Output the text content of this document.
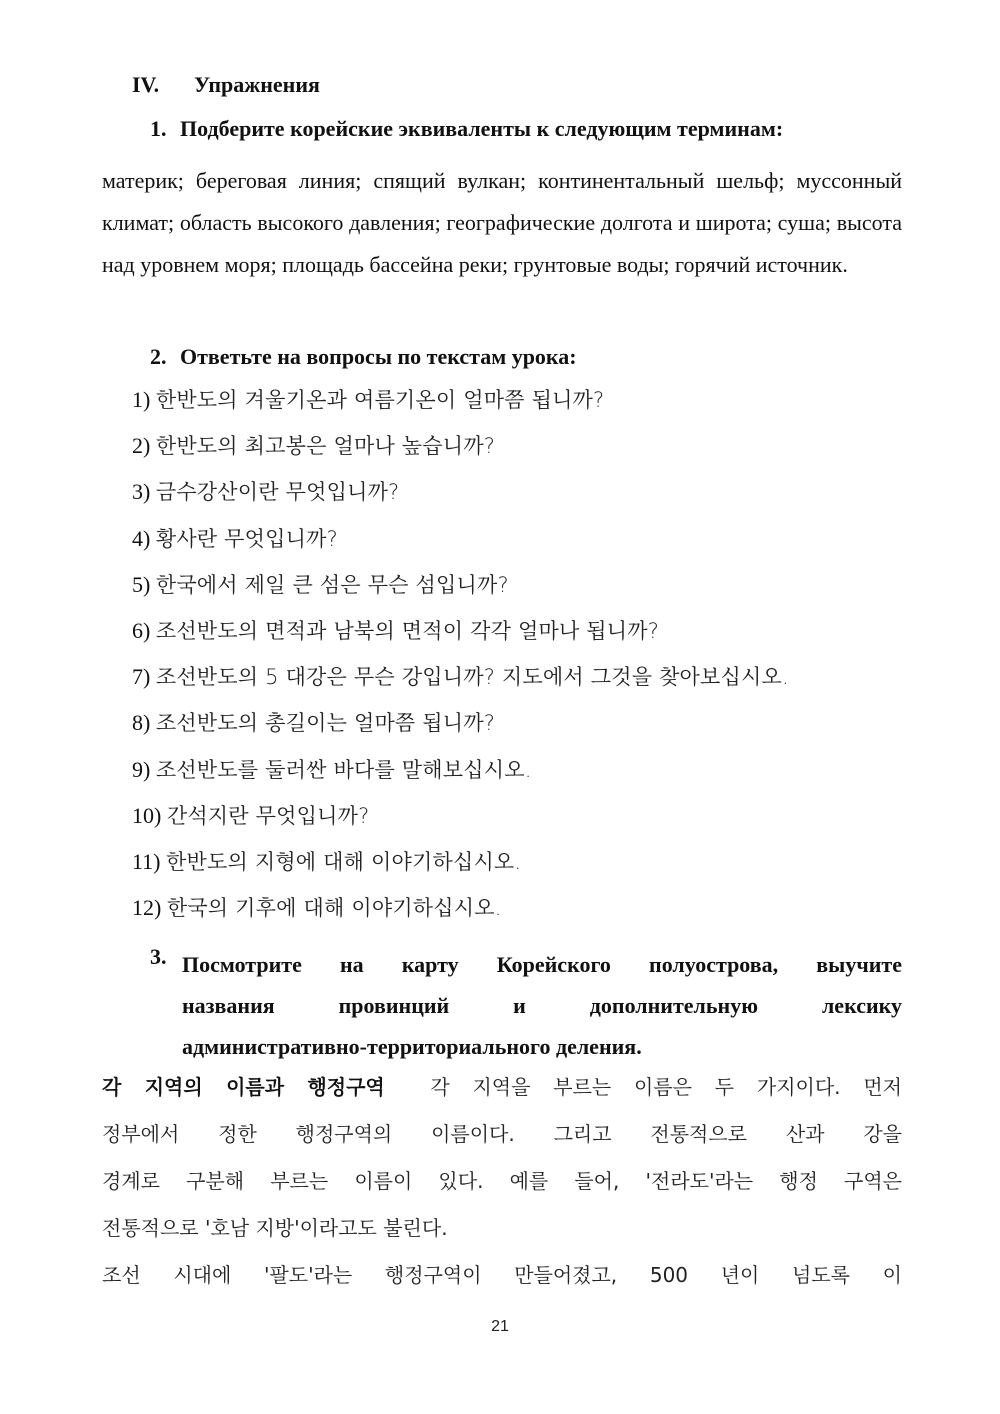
IV. Упражнения
1. Подберите корейские эквиваленты к следующим терминам:
материк; береговая линия; спящий вулкан; континентальный шельф; муссонный климат; область высокого давления; географические долгота и широта; суша; высота над уровнем моря; площадь бассейна реки; грунтовые воды; горячий источник.
2. Ответьте на вопросы по текстам урока:
1) 한반도의 겨울기온과 여름기온이 얼마쯤 됩니까?
2) 한반도의 최고봉은 얼마나 높습니까?
3) 금수강산이란 무엇입니까?
4) 황사란 무엇입니까?
5) 한국에서 제일 큰 섬은 무슨 섬입니까?
6) 조선반도의 면적과 남북의 면적이 각각 얼마나 됩니까?
7) 조선반도의 5 대강은 무슨 강입니까? 지도에서 그것을 찾아보십시오.
8) 조선반도의 총길이는 얼마쯤 됩니까?
9) 조선반도를 둘러싼 바다를 말해보십시오.
10) 간석지란 무엇입니까?
11) 한반도의 지형에 대해 이야기하십시오.
12) 한국의 기후에 대해 이야기하십시오.
3. Посмотрите на карту Корейского полуострова, выучите
названия провинций и дополнительную лексику
административно-территориального деления.
각 지역의 이름과 행정구역 각 지역을 부르는 이름은 두 가지이다. 먼저
정부에서 정한 행정구역의 이름이다. 그리고 전통적으로 산과 강을
경계로 구분해 부르는 이름이 있다. 예를 들어, '전라도'라는 행정 구역은
전통적으로 '호남 지방'이라고도 불린다.
조선 시대에 '팔도'라는 행정구역이 만들어졌고, 500 년이 넘도록 이
21
